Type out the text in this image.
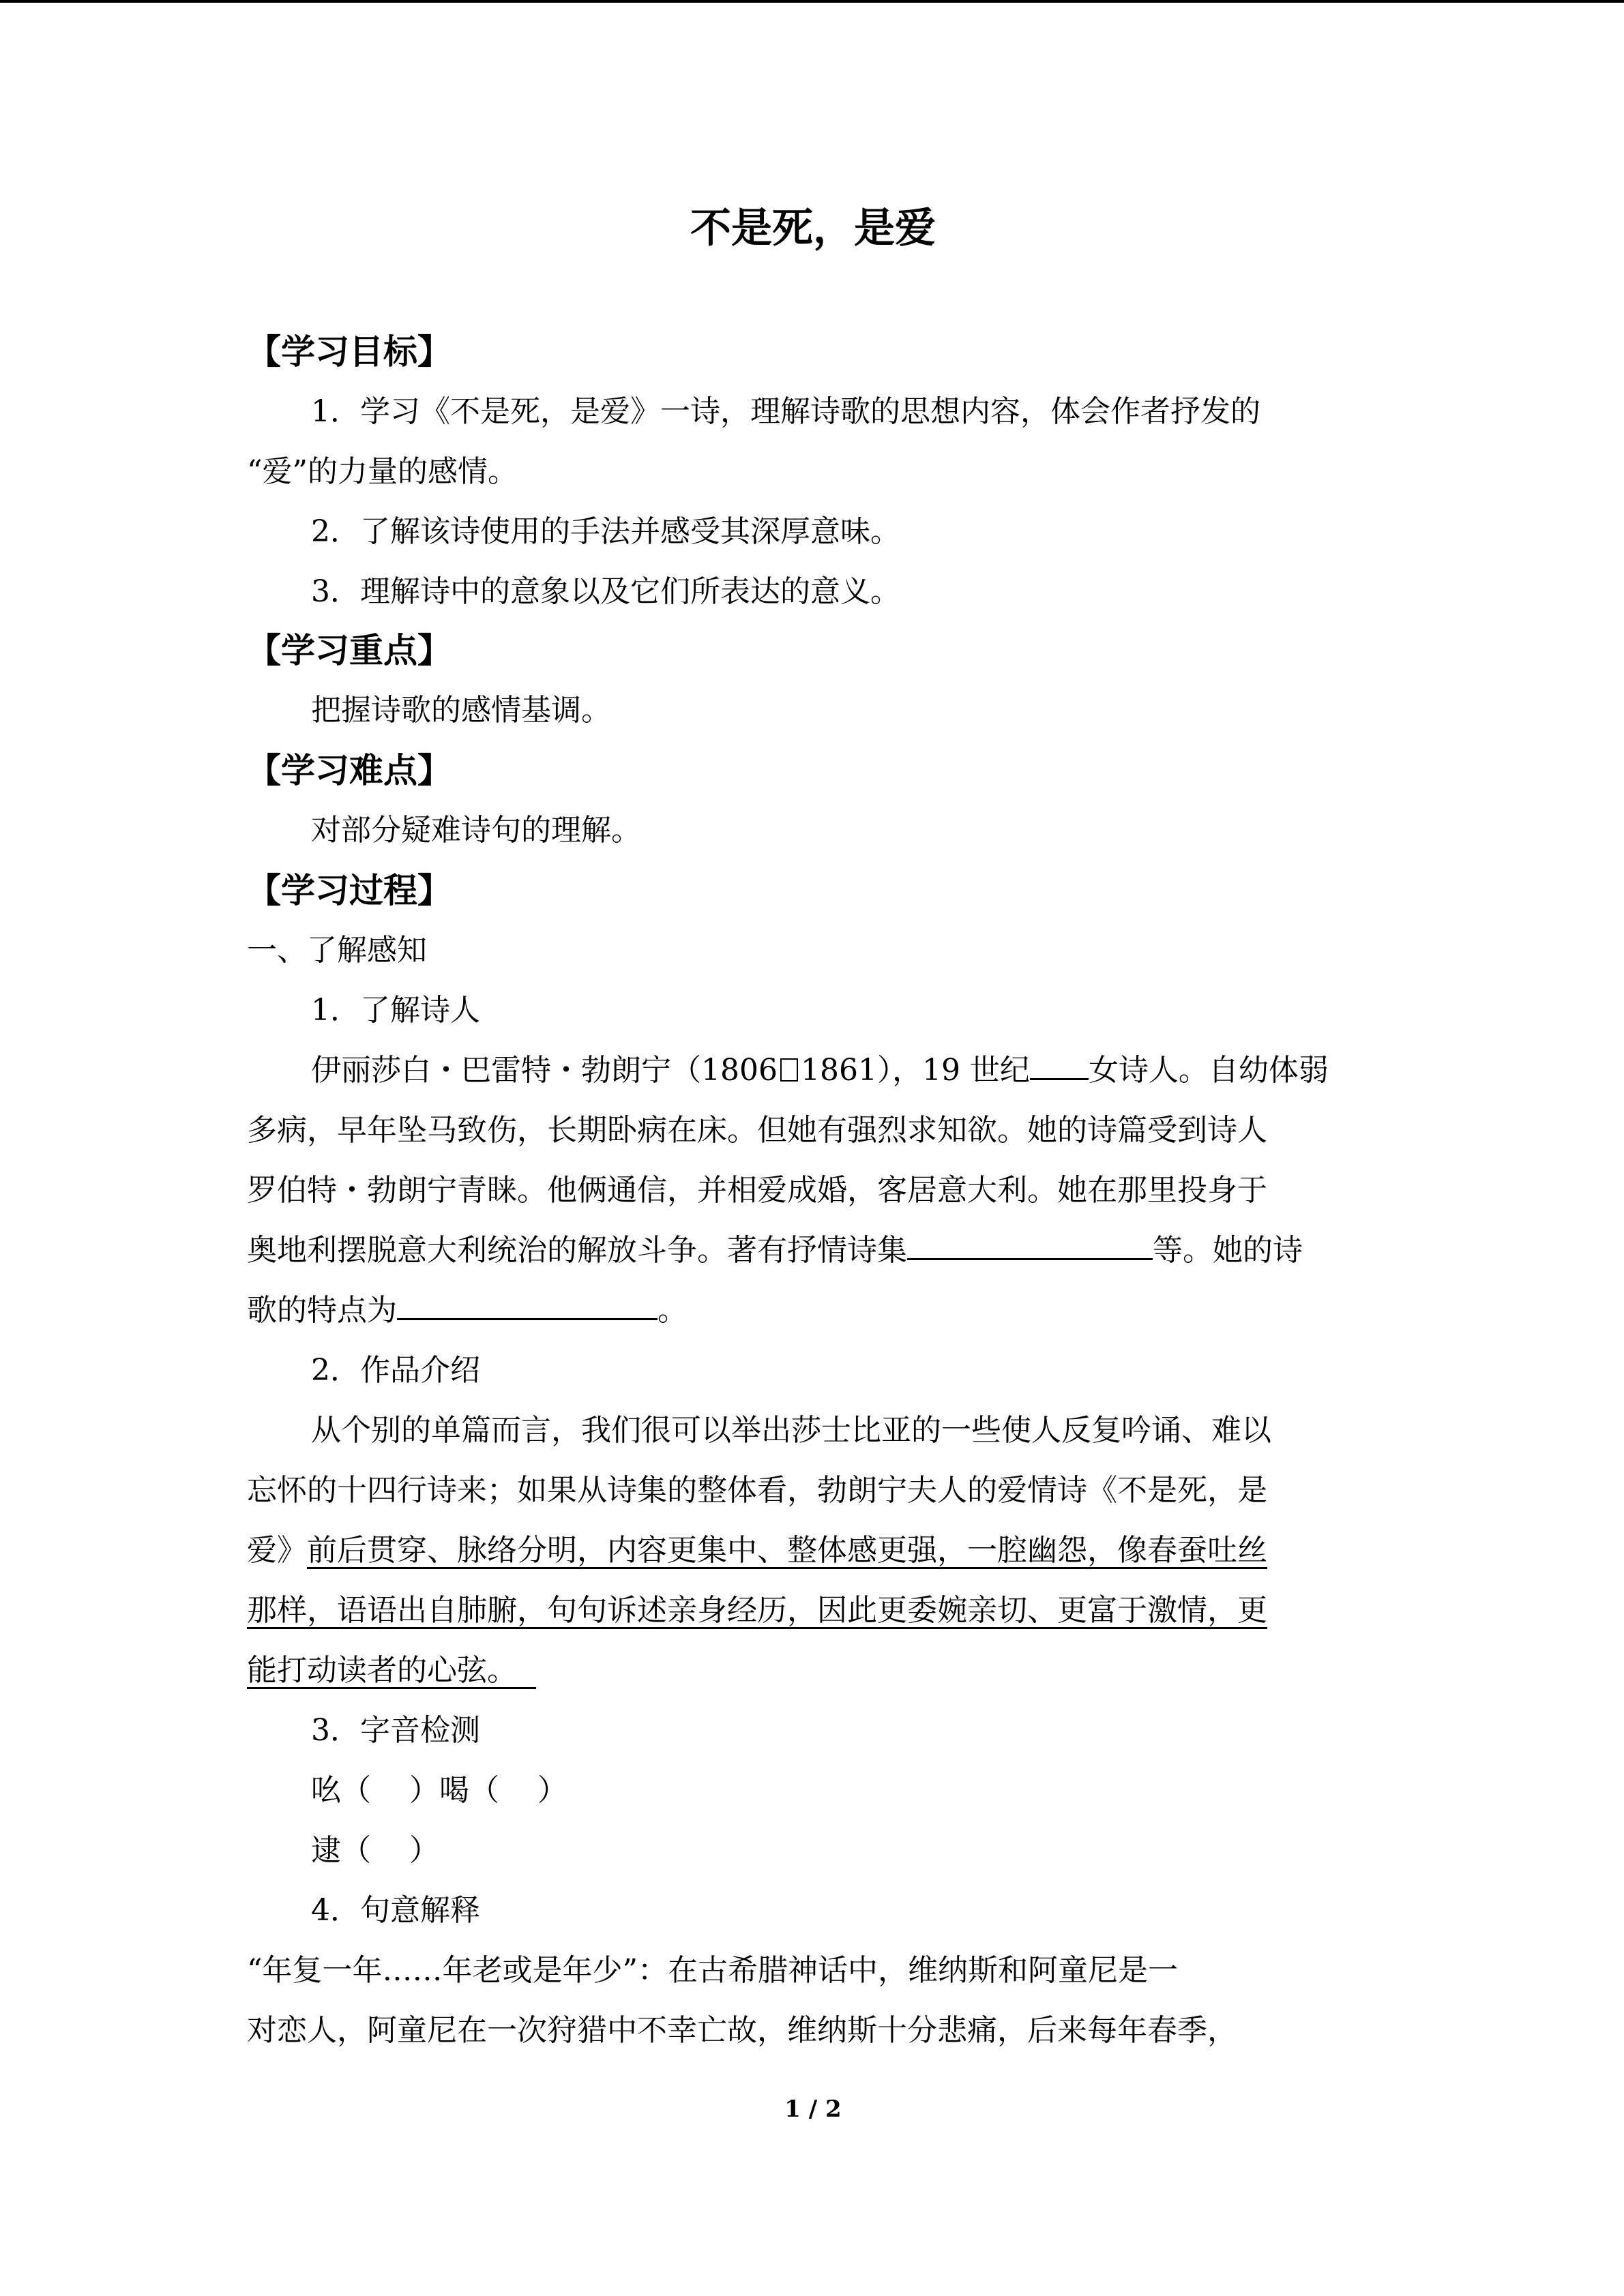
不是死，是爱
【学习目标】
1．学习《不是死，是爱》一诗，理解诗歌的思想内容，体会作者抒发的
“爱”的力量的感情。
2．了解该诗使用的手法并感受其深厚意味。
3．理解诗中的意象以及它们所表达的意义。
【学习重点】
把握诗歌的感情基调。
【学习难点】
对部分疑难诗句的理解。
【学习过程】
一、了解感知
1．了解诗人
伊丽莎白・巴雷特・勃朗宁（1806 1861），19 世纪 女诗人。自幼体弱
多病，早年坠马致伤，长期卧病在床。但她有强烈求知欲。她的诗篇受到诗人
罗伯特・勃朗宁青睐。他俩通信，并相爱成婚，客居意大利。她在那里投身于
奥地利摆脱意大利统治的解放斗争。著有抒情诗集	等。她的诗
歌的特点为	。
2．作品介绍
从个别的单篇而言，我们很可以举出莎士比亚的一些使人反复吟诵、难以
忘怀的十四行诗来；如果从诗集的整体看，勃朗宁夫人的爱情诗《不是死，是
爱》前后贯穿、脉络分明，内容更集中、整体感更强，一腔幽怨，像春蚕吐丝
那样，语语出自肺腑，句句诉述亲身经历，因此更委婉亲切、更富于激情，更
能打动读者的心弦。
3．字音检测
吆（    ）喝（    ）
逮（    ）
4．句意解释
“年复一年……年老或是年少”：在古希腊神话中，维纳斯和阿童尼是一
对恋人，阿童尼在一次狩猎中不幸亡故，维纳斯十分悲痛，后来每年春季，
1 / 2
